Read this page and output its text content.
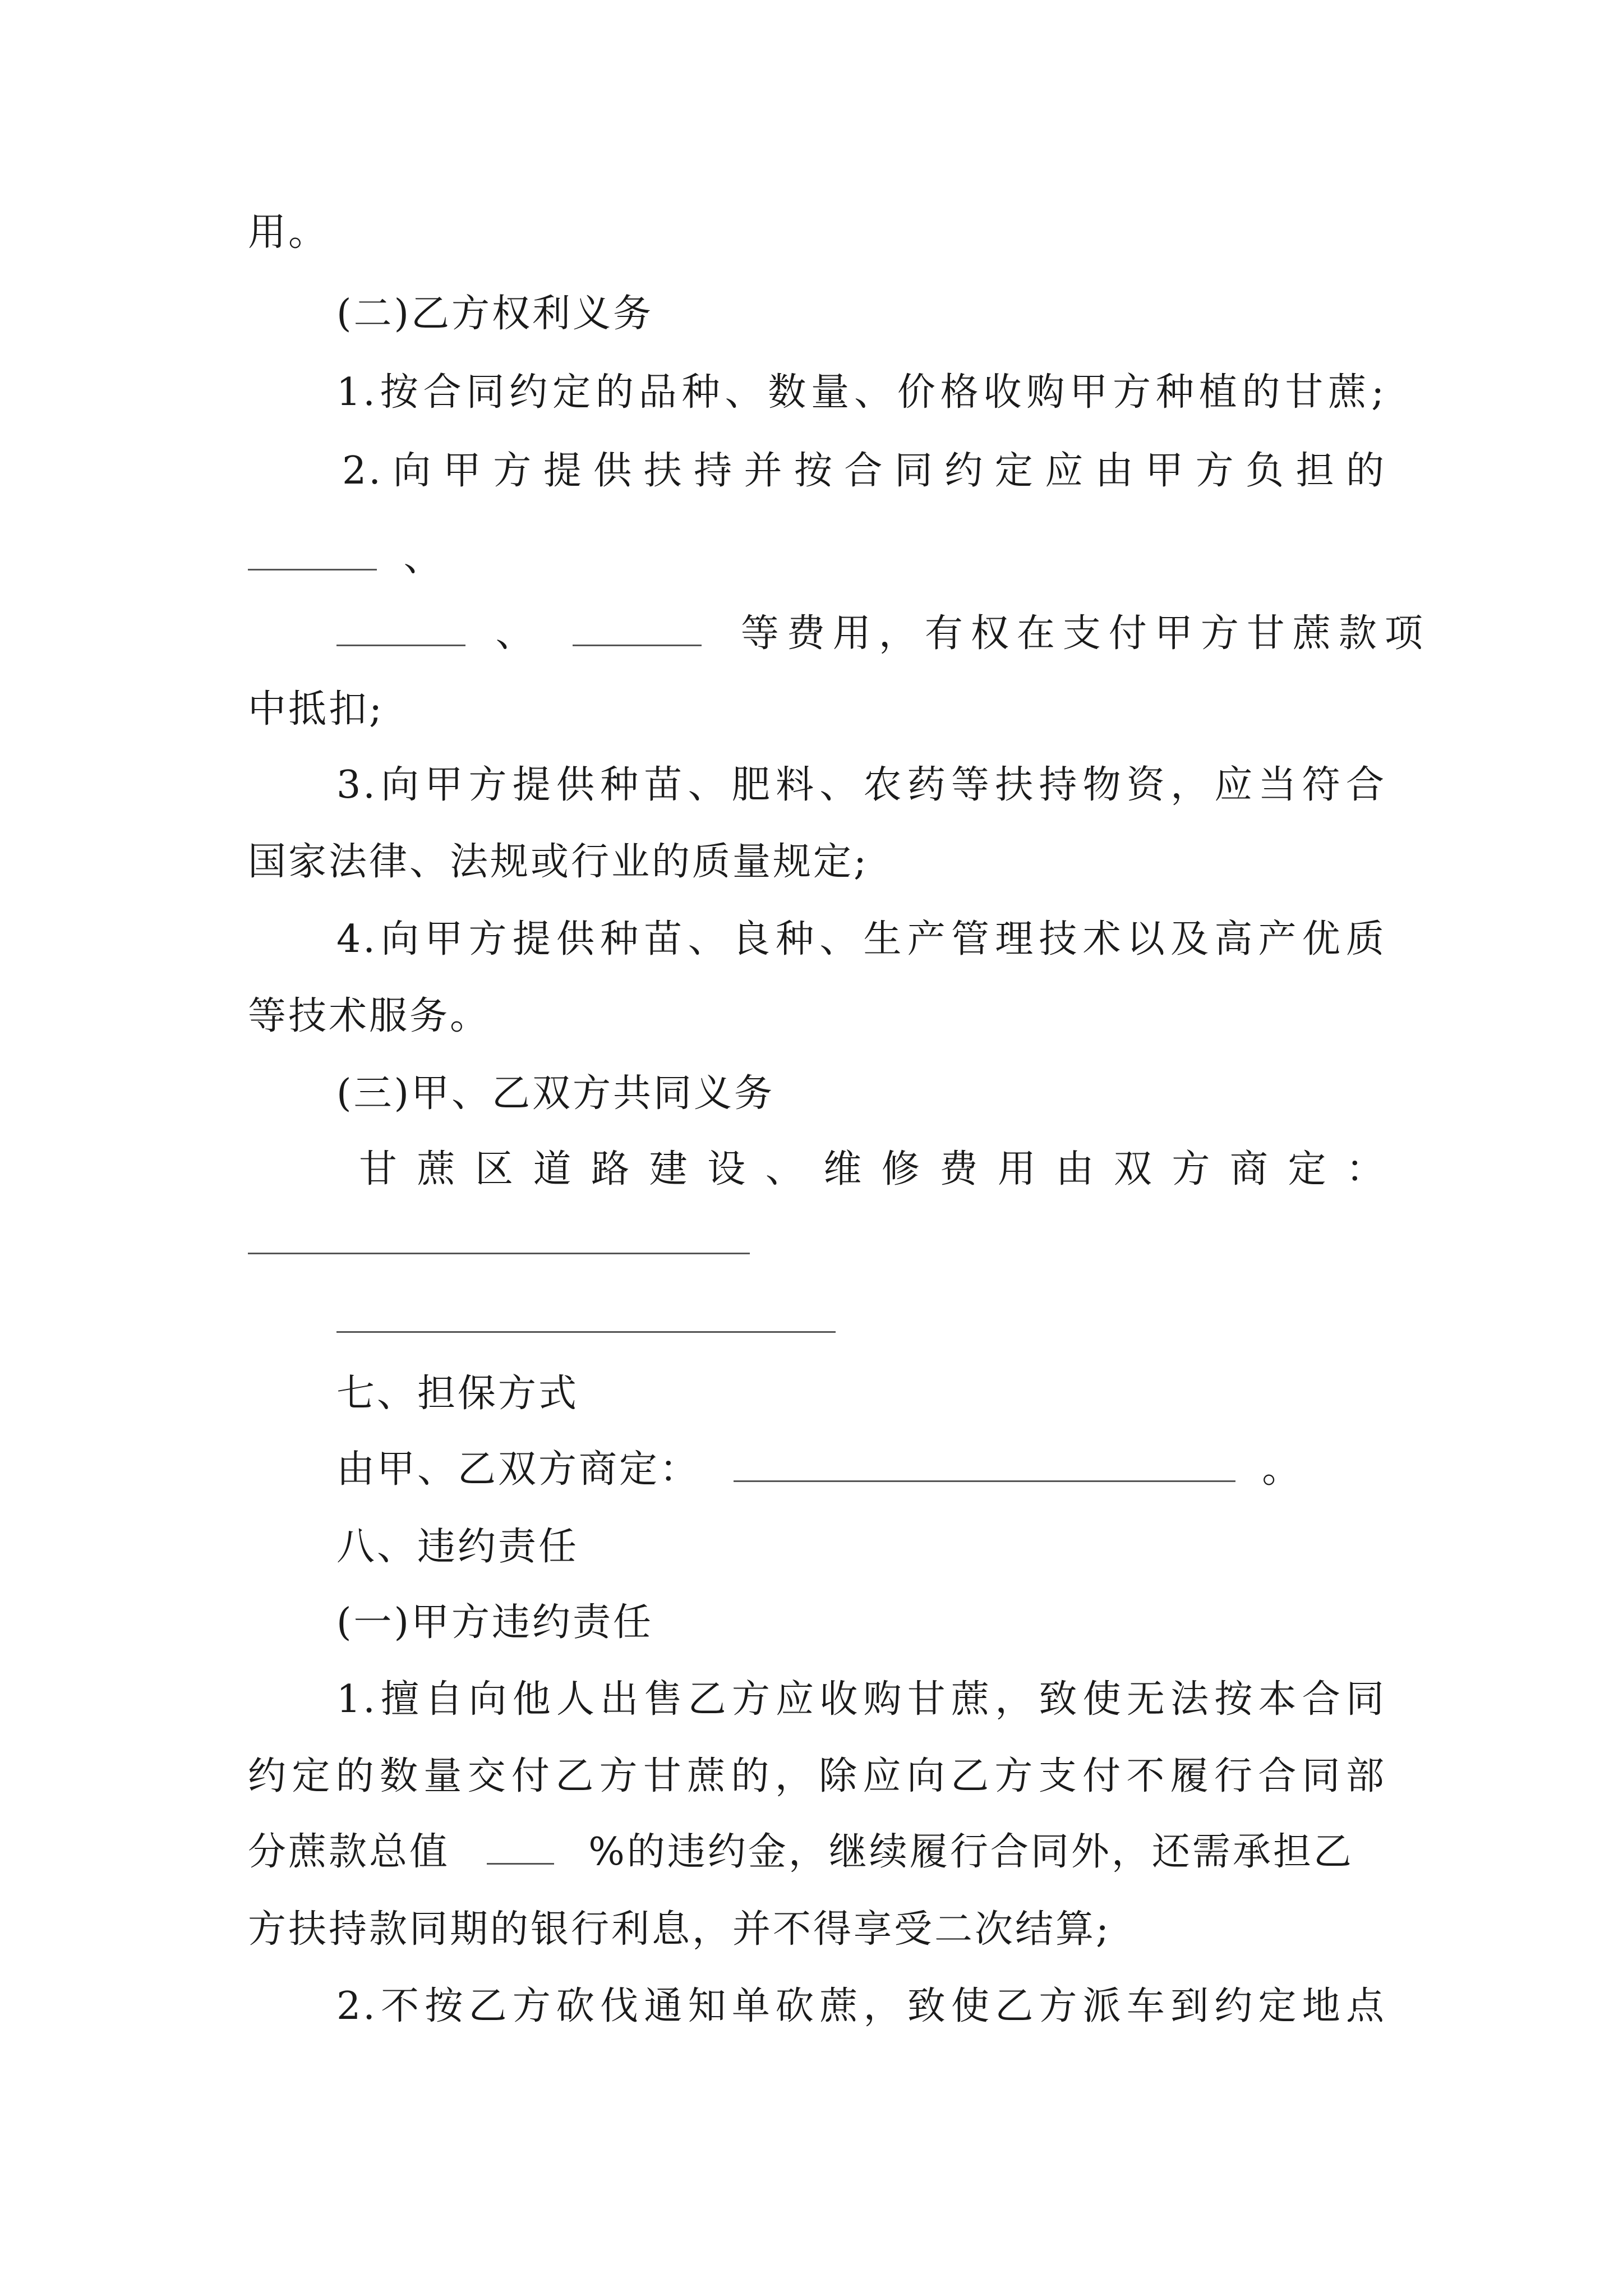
用。
(二)乙方权利义务
1.按合同约定的品种、数量、价格收购甲方种植的甘蔗;
2.向甲方提供扶持并按合同约定应由甲方负担的
、
、	等费用，有权在支付甲方甘蔗款项
中抵扣;
3.向甲方提供种苗、肥料、农药等扶持物资，应当符合
国家法律、法规或行业的质量规定;
4.向甲方提供种苗、良种、生产管理技术以及高产优质
等技术服务。
(三)甲、乙双方共同义务
甘蔗区道路建设、维修费用由双方商定：
七、担保方式
由甲、乙双方商定：	。
八、违约责任
(一)甲方违约责任
1.擅自向他人出售乙方应收购甘蔗，致使无法按本合同
约定的数量交付乙方甘蔗的，除应向乙方支付不履行合同部
分蔗款总值	%的违约金，继续履行合同外，还需承担乙
方扶持款同期的银行利息，并不得享受二次结算;
2.不按乙方砍伐通知单砍蔗，致使乙方派车到约定地点
